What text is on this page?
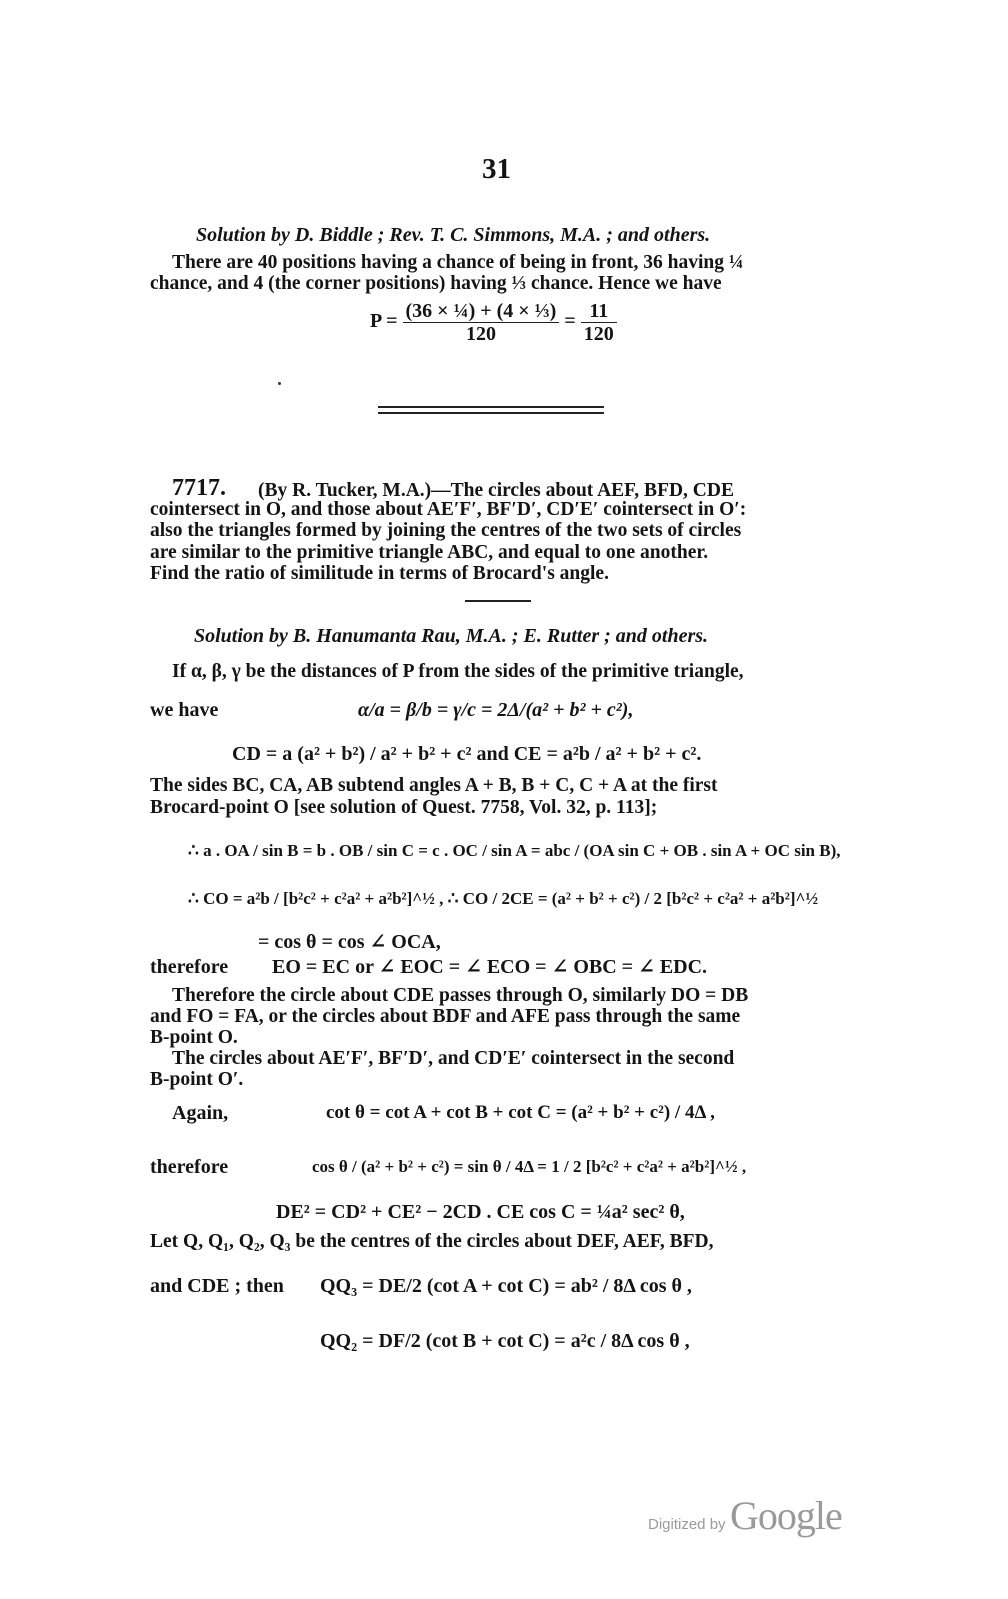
31
Solution by D. Biddle ; Rev. T. C. Simmons, M.A. ; and others.
There are 40 positions having a chance of being in front, 36 having ¼
chance, and 4 (the corner positions) having ⅓ chance. Hence we have
$P = \frac{\text{(36 × ¼) + (4 × ⅓)}}{120} = \frac{11}{120}$
7717. (By R. Tucker, M.A.)—The circles about AEF, BFD, CDE
cointersect in O, and those about AE′F′, BF′D′, CD′E′ cointersect in O′:
also the triangles formed by joining the centres of the two sets of circles
are similar to the primitive triangle ABC, and equal to one another.
Find the ratio of similitude in terms of Brocard's angle.
Solution by B. Hanumanta Rau, M.A. ; E. Rutter ; and others.
If α, β, γ be the distances of P from the sides of the primitive triangle,
we have	α/a = β/b = γ/c = 2Δ/(a² + b² + c²),
CD = a (a² + b²) / a² + b² + c² and CE = a²b / a² + b² + c².
The sides BC, CA, AB subtend angles A + B, B + C, C + A at the first
Brocard-point O [see solution of Quest. 7758, Vol. 32, p. 113];
∴ a . OA / sin B = b . OB / sin C = c . OC / sin A = abc / (OA sin C + OB . sin A + OC sin B),
∴ CO = a²b / [b²c² + c²a² + a²b²]^½ , ∴ CO / 2CE = (a² + b² + c²) / 2 [b²c² + c²a² + a²b²]^½
= cos θ = cos ∠ OCA,
therefore EO = EC or ∠ EOC = ∠ ECO = ∠ OBC = ∠ EDC.
Therefore the circle about CDE passes through O, similarly DO = DB
and FO = FA, or the circles about BDF and AFE pass through the same
B-point O.
The circles about AE′F′, BF′D′, and CD′E′ cointersect in the second
B-point O′.
Again,	cot θ = cot A + cot B + cot C = (a² + b² + c²) / 4Δ ,
therefore	cos θ / (a² + b² + c²) = sin θ / 4Δ = 1 / 2 [b²c² + c²a² + a²b²]^½ ,
DE² = CD² + CE² − 2CD . CE cos C = ¼a² sec² θ,
Let Q, Q₁, Q₂, Q₃ be the centres of the circles about DEF, AEF, BFD,
and CDE ; then QQ₃ = DE/2 (cot A + cot C) = ab² / 8Δ cos θ ,
QQ₂ = DF/2 (cot B + cot C) = a²c / 8Δ cos θ ,
Digitized by Google
